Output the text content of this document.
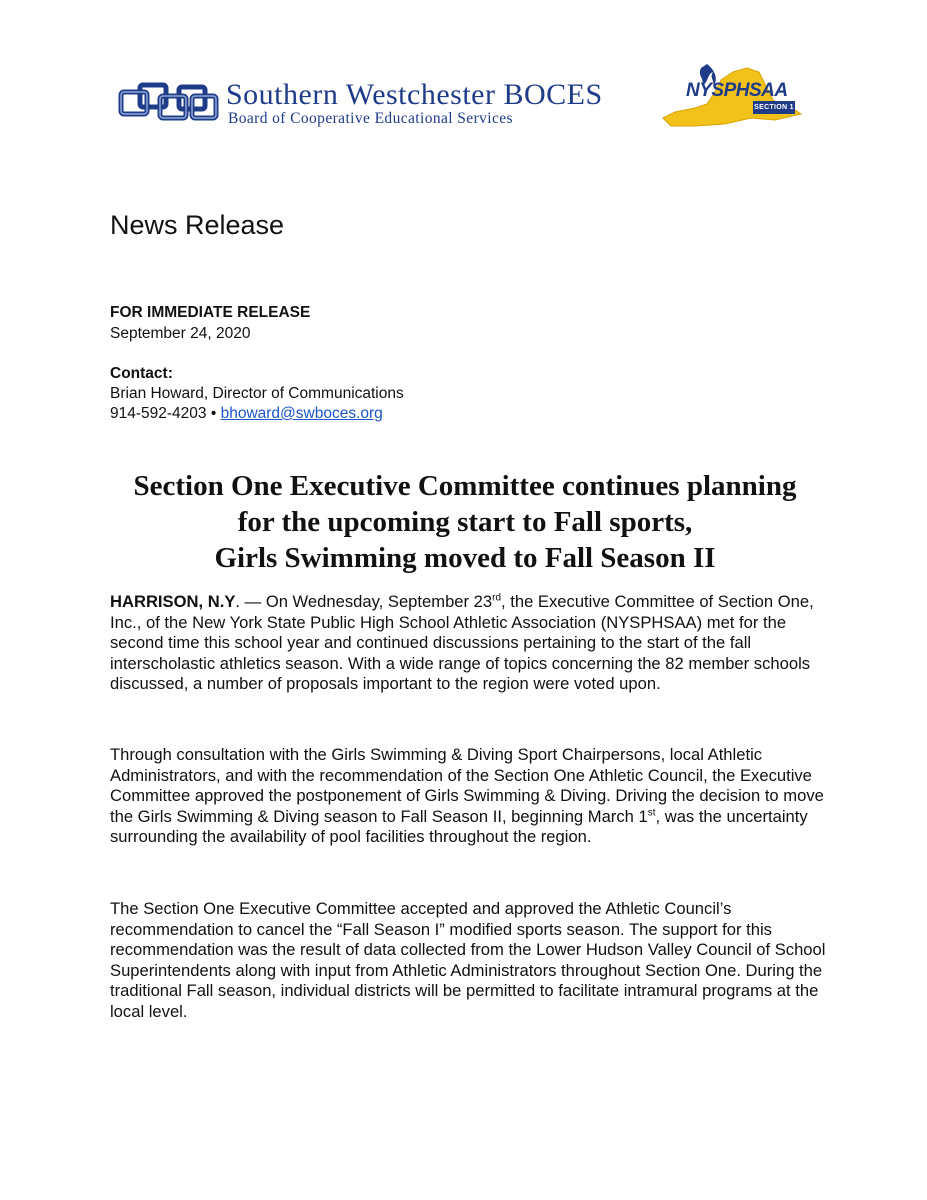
Southern Westchester BOCES
Board of Cooperative Educational Services
NYSPHSAA
SECTION 1
News Release
FOR IMMEDIATE RELEASE
September 24, 2020
Contact:
Brian Howard, Director of Communications
914-592-4203 • bhoward@swboces.org
Section One Executive Committee continues planning
for the upcoming start to Fall sports,
Girls Swimming moved to Fall Season II
HARRISON, N.Y. — On Wednesday, September 23rd, the Executive Committee of Section One, Inc., of the New York State Public High School Athletic Association (NYSPHSAA) met for the second time this school year and continued discussions pertaining to the start of the fall interscholastic athletics season. With a wide range of topics concerning the 82 member schools discussed, a number of proposals important to the region were voted upon.
Through consultation with the Girls Swimming & Diving Sport Chairpersons, local Athletic Administrators, and with the recommendation of the Section One Athletic Council, the Executive Committee approved the postponement of Girls Swimming & Diving. Driving the decision to move the Girls Swimming & Diving season to Fall Season II, beginning March 1st, was the uncertainty surrounding the availability of pool facilities throughout the region.
The Section One Executive Committee accepted and approved the Athletic Council’s recommendation to cancel the “Fall Season I” modified sports season. The support for this recommendation was the result of data collected from the Lower Hudson Valley Council of School Superintendents along with input from Athletic Administrators throughout Section One. During the traditional Fall season, individual districts will be permitted to facilitate intramural programs at the local level.
